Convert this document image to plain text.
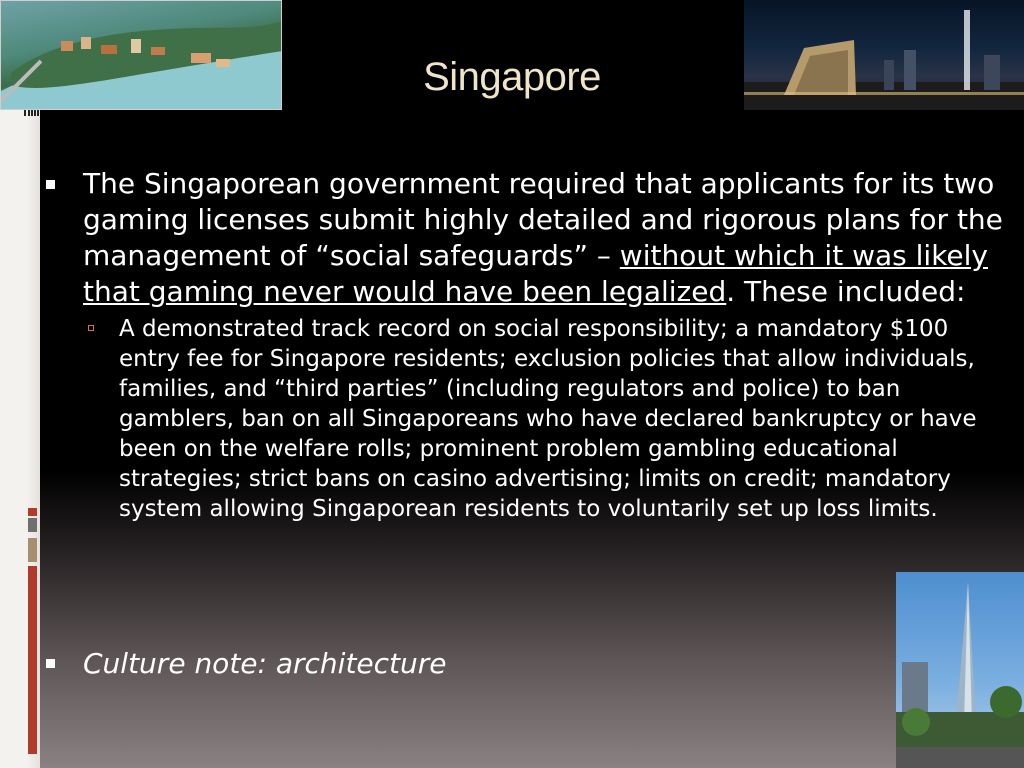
Singapore
The Singaporean government required that applicants for its two gaming licenses submit highly detailed and rigorous plans for the management of “social safeguards” – without which it was likely that gaming never would have been legalized. These included:
A demonstrated track record on social responsibility; a mandatory $100 entry fee for Singapore residents; exclusion policies that allow individuals, families, and “third parties” (including regulators and police) to ban gamblers, ban on all Singaporeans who have declared bankruptcy or have been on the welfare rolls; prominent problem gambling educational strategies; strict bans on casino advertising; limits on credit; mandatory system allowing Singaporean residents to voluntarily set up loss limits.
Culture note: architecture
